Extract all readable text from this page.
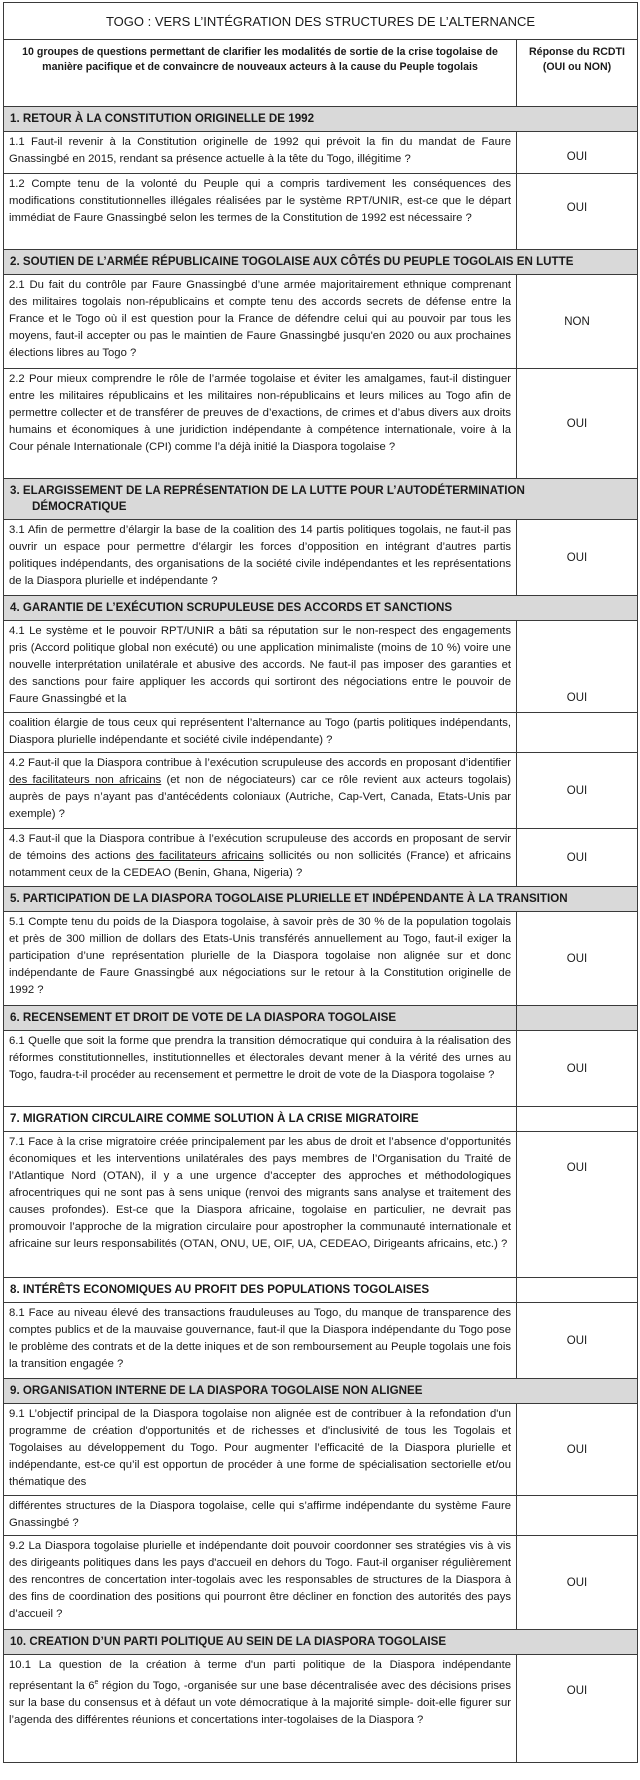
TOGO : VERS L’INTÉGRATION DES STRUCTURES DE L’ALTERNANCE	
10 groupes de questions permettant de clarifier les modalités de sortie de la crise togolaise de manière pacifique et de convaincre de nouveaux acteurs à la cause du Peuple togolais	Réponse du RCDTI (OUI ou NON)
1. RETOUR À LA CONSTITUTION ORIGINELLE DE 1992	
1.1 Faut-il revenir à la Constitution originelle de 1992 qui prévoit la fin du mandat de Faure Gnassingbé en 2015, rendant sa présence actuelle à la tête du Togo, illégitime ?	OUI
1.2 Compte tenu de la volonté du Peuple qui a compris tardivement les conséquences des modifications constitutionnelles illégales réalisées par le système RPT/UNIR, est-ce que le départ immédiat de Faure Gnassingbé selon les termes de la Constitution de 1992 est nécessaire ?	OUI
2. SOUTIEN DE L’ARMÉE RÉPUBLICAINE TOGOLAISE AUX CÔTÉS DU PEUPLE TOGOLAIS EN LUTTE	
2.1 Du fait du contrôle par Faure Gnassingbé d’une armée majoritairement ethnique comprenant des militaires togolais non-républicains et compte tenu des accords secrets de défense entre la France et le Togo où il est question pour la France de défendre celui qui au pouvoir par tous les moyens, faut-il accepter ou pas le maintien de Faure Gnassingbé jusqu'en 2020 ou aux prochaines élections libres au Togo ?	NON
2.2 Pour mieux comprendre le rôle de l’armée togolaise et éviter les amalgames, faut-il distinguer entre les militaires républicains et les militaires non-républicains et leurs milices au Togo afin de permettre collecter et de transférer de preuves de d’exactions, de crimes et d’abus divers aux droits humains et économiques à une juridiction indépendante à compétence internationale, voire à la Cour pénale Internationale (CPI) comme l’a déjà initié la Diaspora togolaise ?	OUI
3. ELARGISSEMENT DE LA REPRÉSENTATION DE LA LUTTE POUR L’AUTODÉTERMINATION
DÉMOCRATIQUE	
3.1 Afin de permettre d’élargir la base de la coalition des 14 partis politiques togolais, ne faut-il pas ouvrir un espace pour permettre d’élargir les forces d’opposition en intégrant d’autres partis politiques indépendants, des organisations de la société civile indépendantes et les représentations de la Diaspora plurielle et indépendante ?	OUI
4. GARANTIE DE L’EXÉCUTION SCRUPULEUSE DES ACCORDS ET SANCTIONS	
4.1 Le système et le pouvoir RPT/UNIR a bâti sa réputation sur le non-respect des engagements pris (Accord politique global non exécuté) ou une application minimaliste (moins de 10 %) voire une nouvelle interprétation unilatérale et abusive des accords. Ne faut-il pas imposer des garanties et des sanctions pour faire appliquer les accords qui sortiront des négociations entre le pouvoir de Faure Gnassingbé et la	OUI
coalition élargie de tous ceux qui représentent l’alternance au Togo (partis politiques indépendants, Diaspora plurielle indépendante et société civile indépendante) ?	
4.2 Faut-il que la Diaspora contribue à l’exécution scrupuleuse des accords en proposant d’identifier des facilitateurs non africains (et non de négociateurs) car ce rôle revient aux acteurs togolais) auprès de pays n’ayant pas d’antécédents coloniaux (Autriche, Cap-Vert, Canada, Etats-Unis par exemple) ?	OUI
4.3 Faut-il que la Diaspora contribue à l’exécution scrupuleuse des accords en proposant de servir de témoins des actions des facilitateurs africains sollicités ou non sollicités (France) et africains notamment ceux de la CEDEAO (Benin, Ghana, Nigeria) ?	OUI
5. PARTICIPATION DE LA DIASPORA TOGOLAISE PLURIELLE ET INDÉPENDANTE À LA TRANSITION	
5.1 Compte tenu du poids de la Diaspora togolaise, à savoir près de 30 % de la population togolais et près de 300 million de dollars des Etats-Unis transférés annuellement au Togo, faut-il exiger la participation d’une représentation plurielle de la Diaspora togolaise non alignée sur et donc indépendante de Faure Gnassingbé aux négociations sur le retour à la Constitution originelle de 1992 ?	OUI
6. RECENSEMENT ET DROIT DE VOTE DE LA DIASPORA TOGOLAISE	
6.1 Quelle que soit la forme que prendra la transition démocratique qui conduira à la réalisation des réformes constitutionnelles, institutionnelles et électorales devant mener à la vérité des urnes au Togo, faudra-t-il procéder au recensement et permettre le droit de vote de la Diaspora togolaise ?	OUI
7. MIGRATION CIRCULAIRE COMME SOLUTION À LA CRISE MIGRATOIRE	
7.1 Face à la crise migratoire créée principalement par les abus de droit et l’absence d’opportunités économiques et les interventions unilatérales des pays membres de l’Organisation du Traité de l’Atlantique Nord (OTAN), il y a une urgence d’accepter des approches et méthodologiques afrocentriques qui ne sont pas à sens unique (renvoi des migrants sans analyse et traitement des causes profondes). Est-ce que la Diaspora africaine, togolaise en particulier, ne devrait pas promouvoir l’approche de la migration circulaire pour apostropher la communauté internationale et africaine sur leurs responsabilités (OTAN, ONU, UE, OIF, UA, CEDEAO, Dirigeants africains, etc.) ?	OUI
8. INTÉRÊTS ECONOMIQUES AU PROFIT DES POPULATIONS TOGOLAISES	
8.1 Face au niveau élevé des transactions frauduleuses au Togo, du manque de transparence des comptes publics et de la mauvaise gouvernance, faut-il que la Diaspora indépendante du Togo pose le problème des contrats et de la dette iniques et de son remboursement au Peuple togolais une fois la transition engagée ?	OUI
9. ORGANISATION INTERNE DE LA DIASPORA TOGOLAISE NON ALIGNEE	
9.1 L’objectif principal de la Diaspora togolaise non alignée est de contribuer à la refondation d'un programme de création d'opportunités et de richesses et d'inclusivité de tous les Togolais et Togolaises au développement du Togo. Pour augmenter l’efficacité de la Diaspora plurielle et indépendante, est-ce qu’il est opportun de procéder à une forme de spécialisation sectorielle et/ou thématique des	OUI
différentes structures de la Diaspora togolaise, celle qui s’affirme indépendante du système Faure Gnassingbé ?	
9.2 La Diaspora togolaise plurielle et indépendante doit pouvoir coordonner ses stratégies vis à vis des dirigeants politiques dans les pays d'accueil en dehors du Togo. Faut-il organiser régulièrement des rencontres de concertation inter-togolais avec les responsables de structures de la Diaspora à des fins de coordination des positions qui pourront être décliner en fonction des autorités des pays d’accueil ?	OUI
10. CREATION D’UN PARTI POLITIQUE AU SEIN DE LA DIASPORA TOGOLAISE	
10.1 La question de la création à terme d'un parti politique de la Diaspora indépendante représentant la 6e région du Togo, -organisée sur une base décentralisée avec des décisions prises sur la base du consensus et à défaut un vote démocratique à la majorité simple- doit-elle figurer sur l’agenda des différentes réunions et concertations inter-togolaises de la Diaspora ?	OUI
